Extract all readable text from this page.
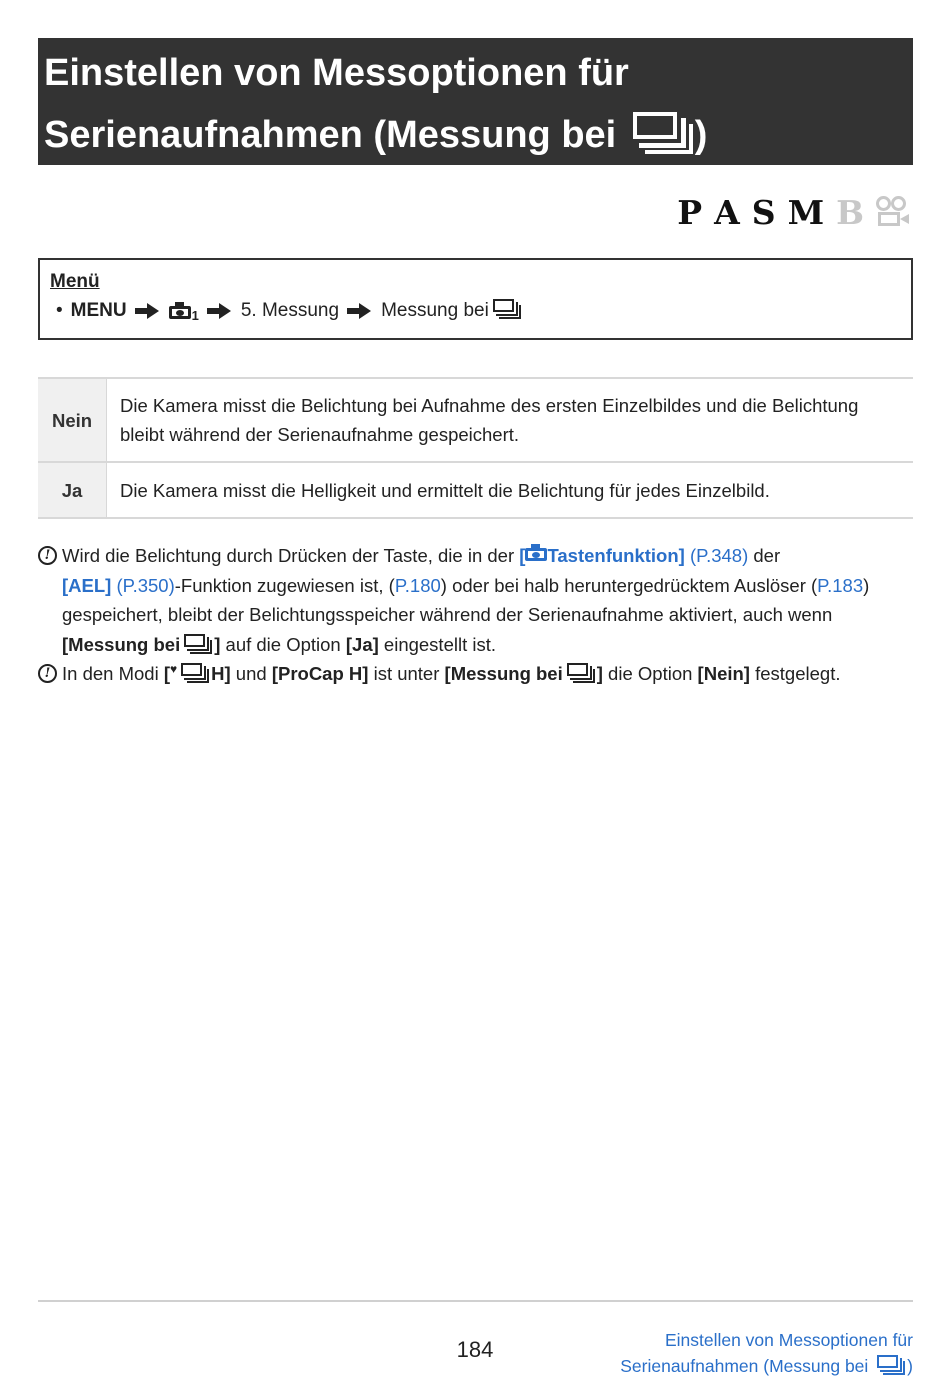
Einstellen von Messoptionen für
Serienaufnahmen (Messung bei
)
P A S M B
Menü
• MENU	1 5. Messung Messung bei
Nein	Die Kamera misst die Belichtung bei Aufnahme des ersten Einzelbildes und die Belichtung bleibt während der Serienaufnahme gespeichert.
Ja	Die Kamera misst die Helligkeit und ermittelt die Belichtung für jedes Einzelbild.
! Wird die Belichtung durch Drücken der Taste, die in der [ Tastenfunktion] (P.348) der
[AEL] (P.350)-Funktion zugewiesen ist, (P.180) oder bei halb heruntergedrücktem Auslöser (P.183) gespeichert, bleibt der Belichtungsspeicher während der Serienaufnahme aktiviert, auch wenn [Messung bei ] auf die Option [Ja] eingestellt ist.
! In den Modi [♥ H] und [ProCap H] ist unter [Messung bei ] die Option [Nein] festgelegt.
184	Einstellen von Messoptionen für
Serienaufnahmen (Messung bei
)
